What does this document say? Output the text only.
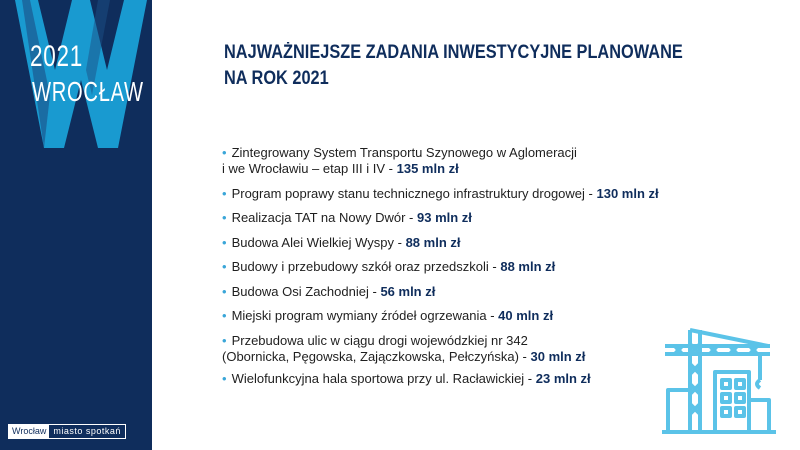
2021
WROCŁAW
Wrocław miasto spotkań
NAJWAŻNIEJSZE ZADANIA INWESTYCYJNE PLANOWANE
NA ROK 2021
• Zintegrowany System Transportu Szynowego w Aglomeracji
i we Wrocławiu – etap III i IV - 135 mln zł
• Program poprawy stanu technicznego infrastruktury drogowej - 130 mln zł
• Realizacja TAT na Nowy Dwór - 93 mln zł
• Budowa Alei Wielkiej Wyspy - 88 mln zł
• Budowy i przebudowy szkół oraz przedszkoli - 88 mln zł
• Budowa Osi Zachodniej - 56 mln zł
• Miejski program wymiany źródeł ogrzewania - 40 mln zł
• Przebudowa ulic w ciągu drogi wojewódzkiej nr 342
(Obornicka, Pęgowska, Zajączkowska, Pełczyńska) - 30 mln zł
• Wielofunkcyjna hala sportowa przy ul. Racławickiej - 23 mln zł
